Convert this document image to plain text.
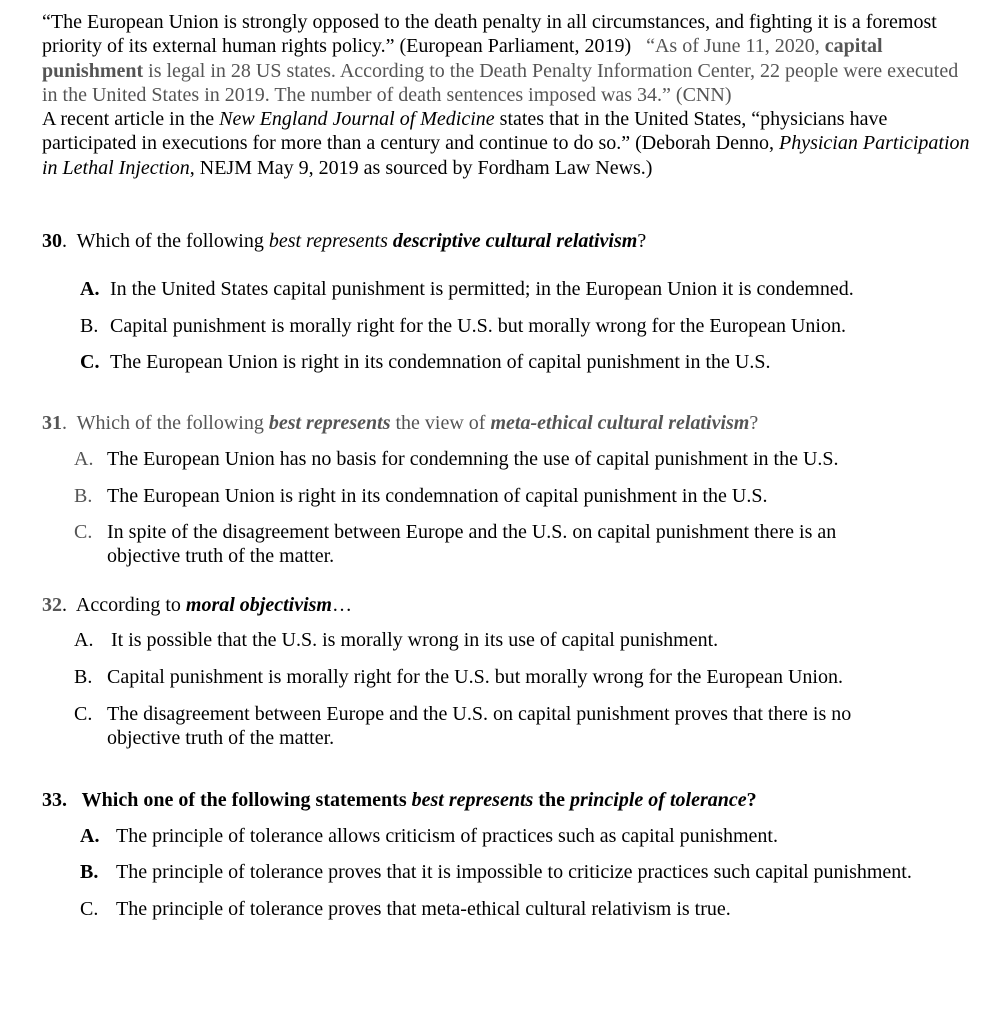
“The European Union is strongly opposed to the death penalty in all circumstances, and fighting it is a foremost priority of its external human rights policy.” (European Parliament, 2019) “As of June 11, 2020, capital punishment is legal in 28 US states. According to the Death Penalty Information Center, 22 people were executed in the United States in 2019. The number of death sentences imposed was 34.” (CNN)
A recent article in the New England Journal of Medicine states that in the United States, “physicians have participated in executions for more than a century and continue to do so.” (Deborah Denno, Physician Participation in Lethal Injection, NEJM May 9, 2019 as sourced by Fordham Law News.)
30.  Which of the following best represents descriptive cultural relativism?
A. In the United States capital punishment is permitted; in the European Union it is condemned.
B. Capital punishment is morally right for the U.S. but morally wrong for the European Union.
C. The European Union is right in its condemnation of capital punishment in the U.S.
31.  Which of the following best represents the view of meta-ethical cultural relativism?
A. The European Union has no basis for condemning the use of capital punishment in the U.S.
B. The European Union is right in its condemnation of capital punishment in the U.S.
C. In spite of the disagreement between Europe and the U.S. on capital punishment there is an
objective truth of the matter.
32.  According to moral objectivism…
A. It is possible that the U.S. is morally wrong in its use of capital punishment.
B. Capital punishment is morally right for the U.S. but morally wrong for the European Union.
C. The disagreement between Europe and the U.S. on capital punishment proves that there is no
objective truth of the matter.
33. Which one of the following statements best represents the principle of tolerance?
A. The principle of tolerance allows criticism of practices such as capital punishment.
B. The principle of tolerance proves that it is impossible to criticize practices such capital punishment.
C. The principle of tolerance proves that meta-ethical cultural relativism is true.
